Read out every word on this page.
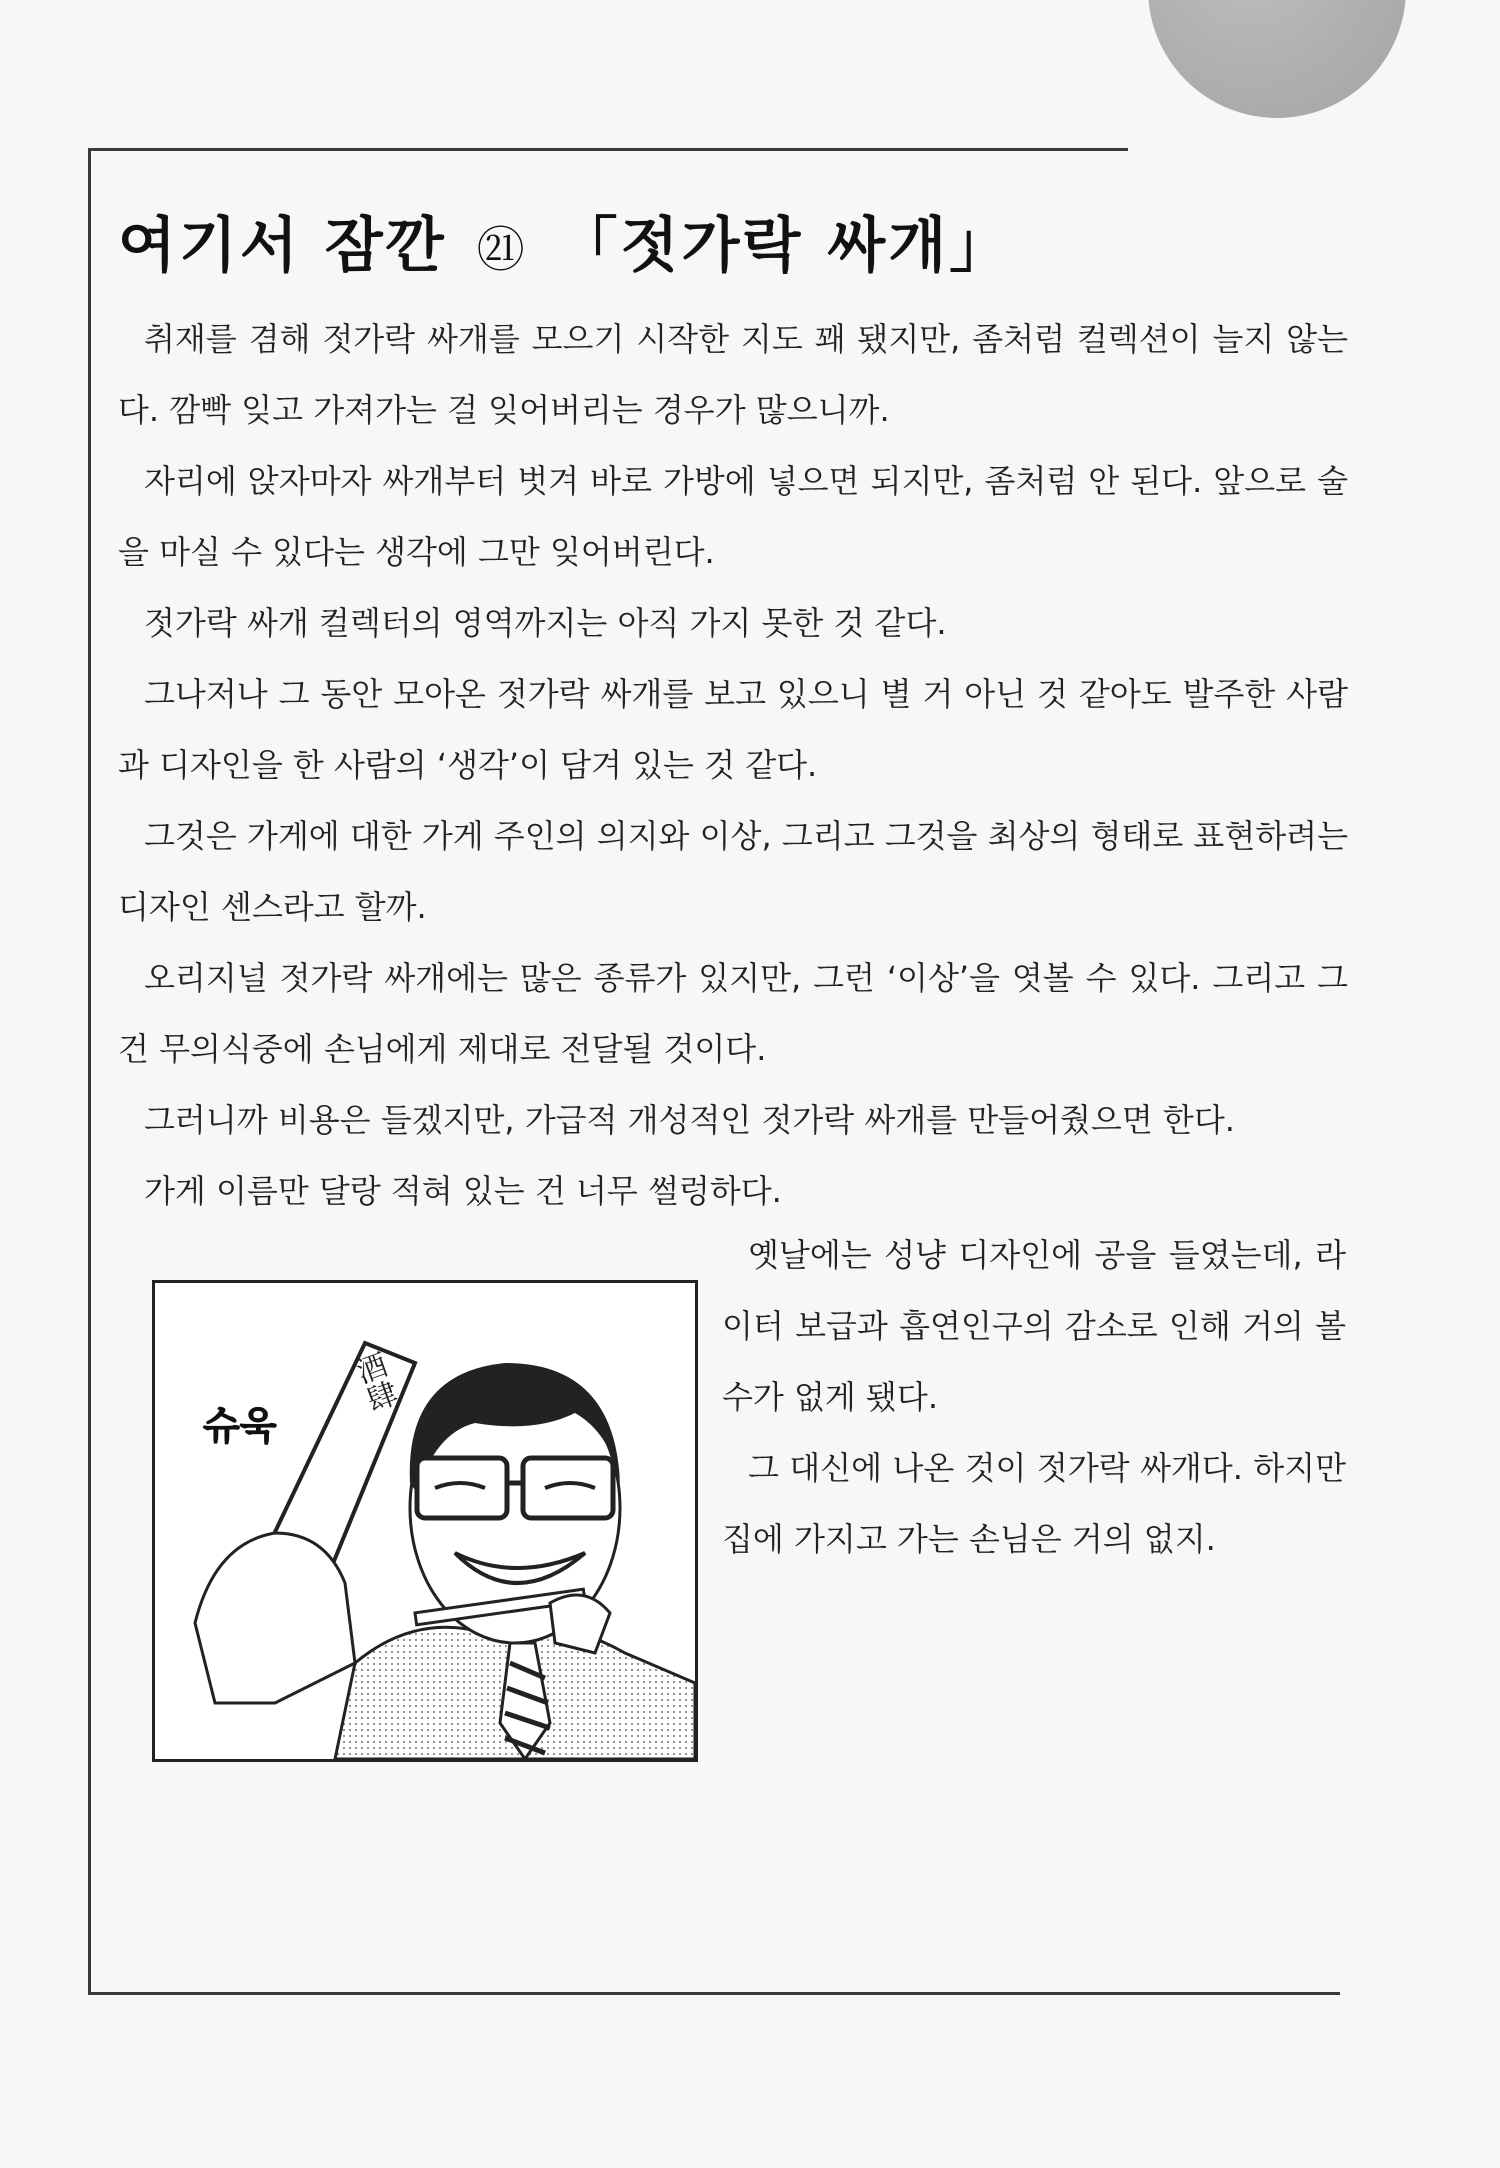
여기서 잠깐 ㉑ 「젓가락 싸개」

취재를 겸해 젓가락 싸개를 모으기 시작한 지도 꽤 됐지만, 좀처럼 컬렉션이 늘지 않는다. 깜빡 잊고 가져가는 걸 잊어버리는 경우가 많으니까.

자리에 앉자마자 싸개부터 벗겨 바로 가방에 넣으면 되지만, 좀처럼 안 된다. 앞으로 술을 마실 수 있다는 생각에 그만 잊어버린다.

젓가락 싸개 컬렉터의 영역까지는 아직 가지 못한 것 같다.

그나저나 그 동안 모아온 젓가락 싸개를 보고 있으니 별 거 아닌 것 같아도 발주한 사람과 디자인을 한 사람의 ‘생각’이 담겨 있는 것 같다.

그것은 가게에 대한 가게 주인의 의지와 이상, 그리고 그것을 최상의 형태로 표현하려는 디자인 센스라고 할까.

오리지널 젓가락 싸개에는 많은 종류가 있지만, 그런 ‘이상’을 엿볼 수 있다. 그리고 그건 무의식중에 손님에게 제대로 전달될 것이다.

그러니까 비용은 들겠지만, 가급적 개성적인 젓가락 싸개를 만들어줬으면 한다.

가게 이름만 달랑 적혀 있는 건 너무 썰렁하다.

슈욱
酒肆

옛날에는 성냥 디자인에 공을 들였는데, 라이터 보급과 흡연인구의 감소로 인해 거의 볼 수가 없게 됐다.

그 대신에 나온 것이 젓가락 싸개다. 하지만 집에 가지고 가는 손님은 거의 없지.
